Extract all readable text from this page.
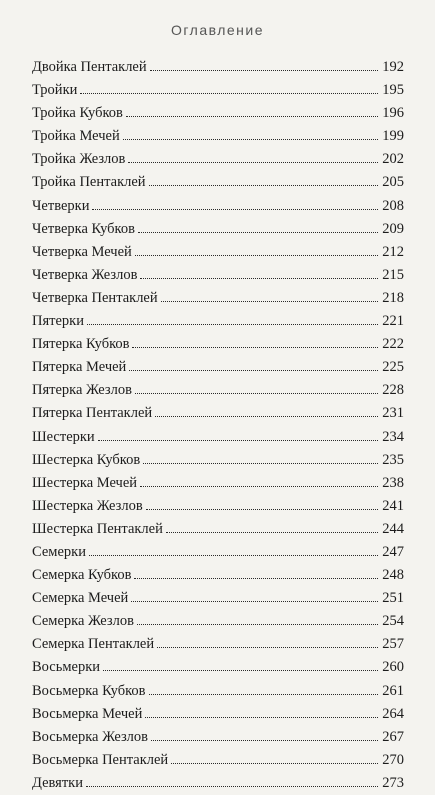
Оглавление
Двойка Пентаклей	192
Тройки	195
Тройка Кубков	196
Тройка Мечей	199
Тройка Жезлов	202
Тройка Пентаклей	205
Четверки	208
Четверка Кубков	209
Четверка Мечей	212
Четверка Жезлов	215
Четверка Пентаклей	218
Пятерки	221
Пятерка Кубков	222
Пятерка Мечей	225
Пятерка Жезлов	228
Пятерка Пентаклей	231
Шестерки	234
Шестерка Кубков	235
Шестерка Мечей	238
Шестерка Жезлов	241
Шестерка Пентаклей	244
Семерки	247
Семерка Кубков	248
Семерка Мечей	251
Семерка Жезлов	254
Семерка Пентаклей	257
Восьмерки	260
Восьмерка Кубков	261
Восьмерка Мечей	264
Восьмерка Жезлов	267
Восьмерка Пентаклей	270
Девятки	273
